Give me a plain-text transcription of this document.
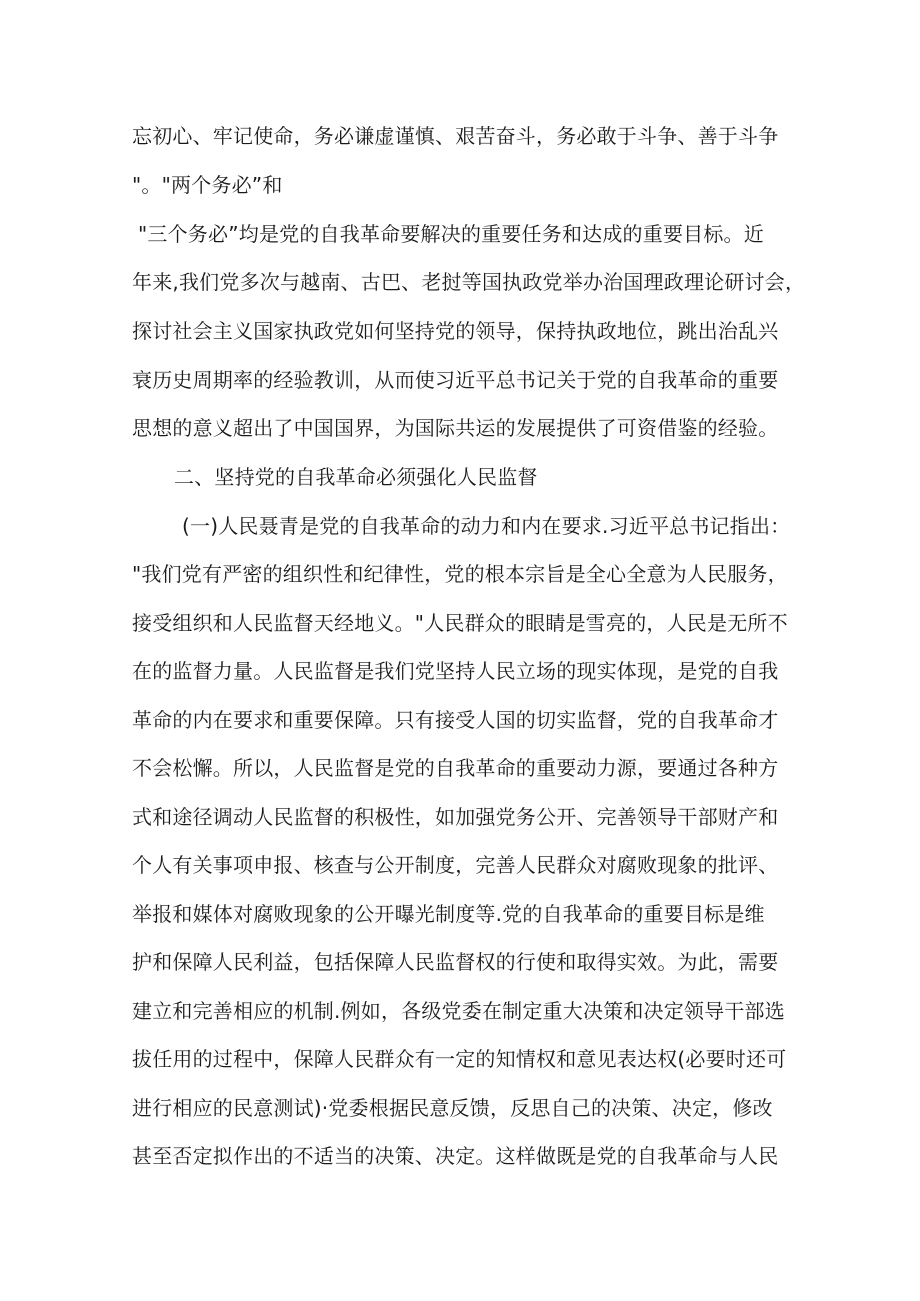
忘初心、牢记使命，务必谦虚谨慎、艰苦奋斗，务必敢于斗争、善于斗争
"。"两个务必”和
"三个务必”均是党的自我革命要解决的重要任务和达成的重要目标。近
年来,我们党多次与越南、古巴、老挝等国执政党举办治国理政理论研讨会，
探讨社会主义国家执政党如何坚持党的领导，保持执政地位，跳出治乱兴
衰历史周期率的经验教训，从而使习近平总书记关于党的自我革命的重要
思想的意义超出了中国国界，为国际共运的发展提供了可资借鉴的经验。
二、坚持党的自我革命必须强化人民监督
(一)人民聂青是党的自我革命的动力和内在要求.习近平总书记指出：
"我们党有严密的组织性和纪律性，党的根本宗旨是全心全意为人民服务，
接受组织和人民监督天经地义。"人民群众的眼睛是雪亮的，人民是无所不
在的监督力量。人民监督是我们党坚持人民立场的现实体现，是党的自我
革命的内在要求和重要保障。只有接受人国的切实监督，党的自我革命才
不会松懈。所以，人民监督是党的自我革命的重要动力源，要通过各种方
式和途径调动人民监督的积极性，如加强党务公开、完善领导干部财产和
个人有关事项申报、核查与公开制度，完善人民群众对腐败现象的批评、
举报和媒体对腐败现象的公开曝光制度等.党的自我革命的重要目标是维
护和保障人民利益，包括保障人民监督权的行使和取得实效。为此，需要
建立和完善相应的机制.例如，各级党委在制定重大决策和决定领导干部选
拔任用的过程中，保障人民群众有一定的知情权和意见表达权(必要时还可
进行相应的民意测试)·党委根据民意反馈，反思自己的决策、决定，修改
甚至否定拟作出的不适当的决策、决定。这样做既是党的自我革命与人民
